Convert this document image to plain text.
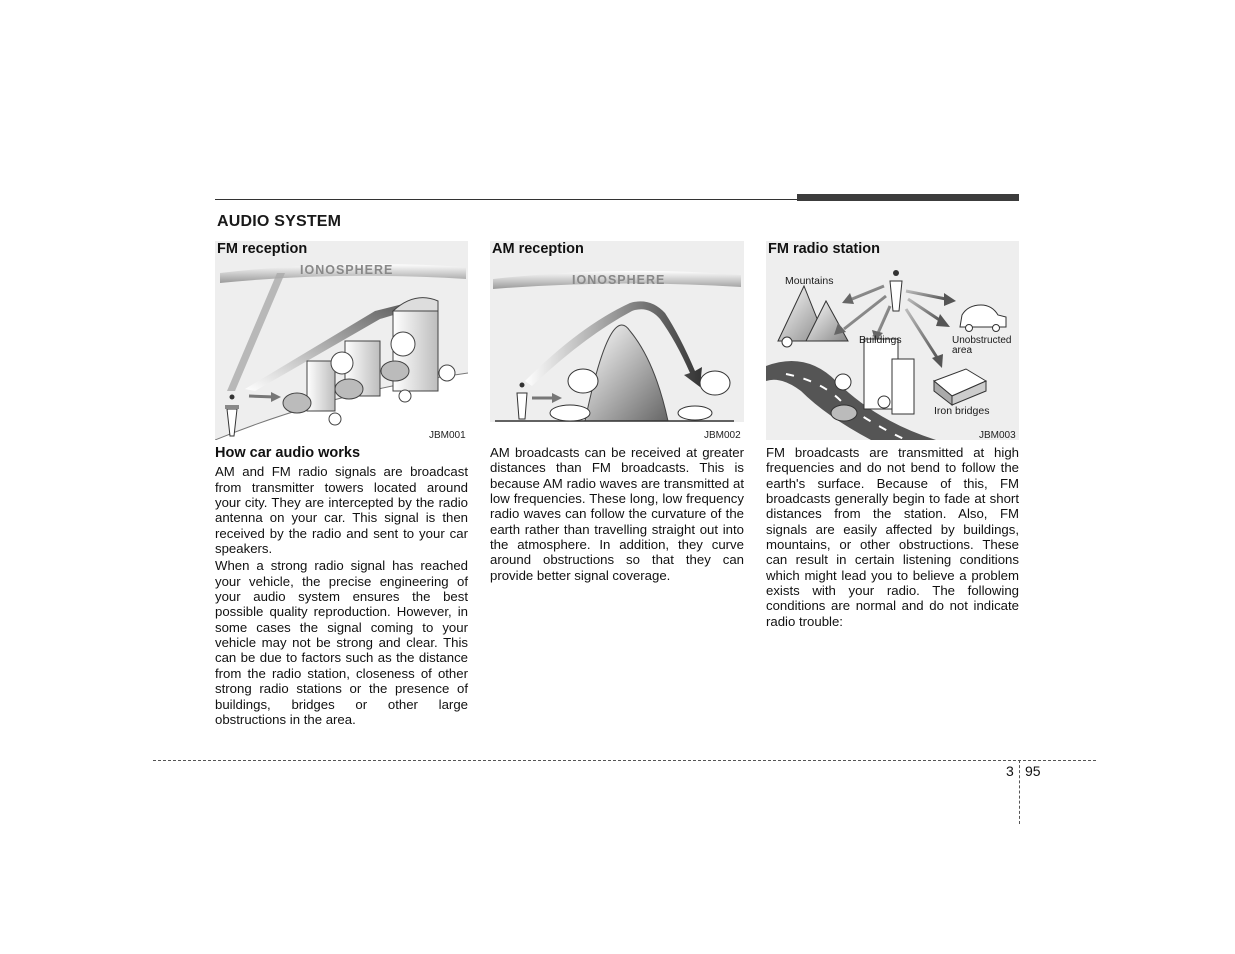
AUDIO SYSTEM
FM reception
IONOSPHERE
JBM001
AM reception
IONOSPHERE
JBM002
FM radio station
Mountains
Buildings	Unobstructed
area
Iron bridges
JBM003
How car audio works

AM and FM radio signals are broadcast from transmitter towers located around your city. They are intercepted by the radio antenna on your car. This signal is then received by the radio and sent to your car speakers.

When a strong radio signal has reached your vehicle, the precise engineering of your audio system ensures the best possible quality reproduction. However, in some cases the signal coming to your vehicle may not be strong and clear. This can be due to factors such as the distance from the radio station, closeness of other strong radio stations or the presence of buildings, bridges or other large obstructions in the area.

AM broadcasts can be received at greater distances than FM broadcasts. This is because AM radio waves are transmitted at low frequencies. These long, low frequency radio waves can follow the curvature of the earth rather than travelling straight out into the atmosphere. In addition, they curve around obstructions so that they can provide better signal coverage.

FM broadcasts are transmitted at high frequencies and do not bend to follow the earth's surface. Because of this, FM broadcasts generally begin to fade at short distances from the station. Also, FM signals are easily affected by buildings, mountains, or other obstructions. These can result in certain listening conditions which might lead you to believe a problem exists with your radio. The following conditions are normal and do not indicate radio trouble:

3 95
